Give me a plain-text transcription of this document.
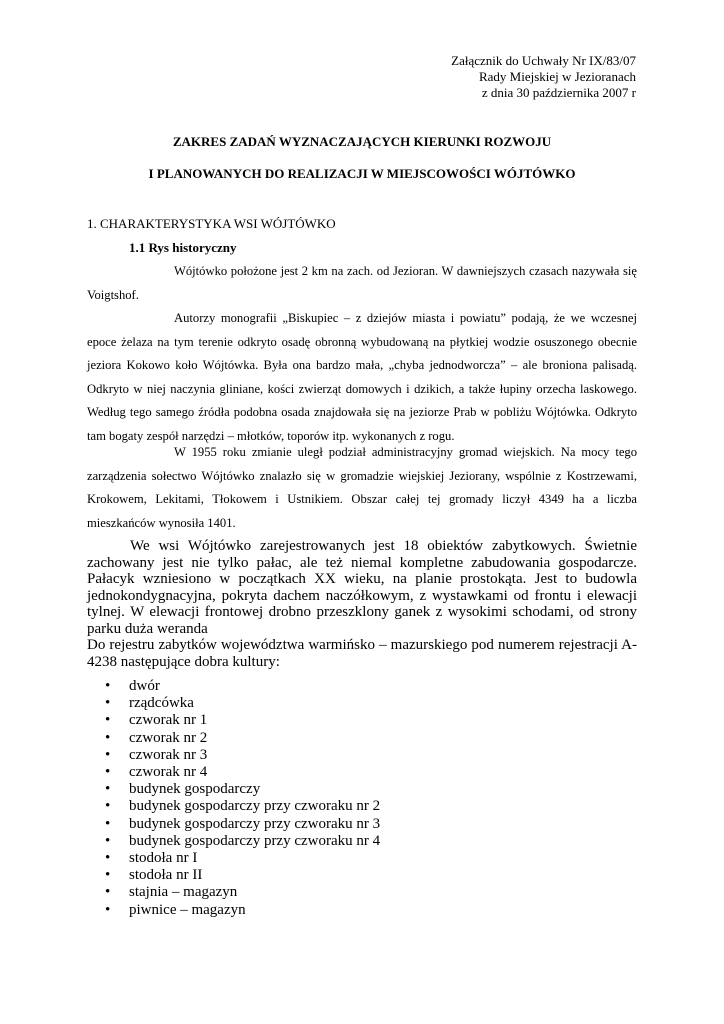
Załącznik do Uchwały Nr IX/83/07
Rady Miejskiej w Jezioranach
z dnia 30 października 2007 r
ZAKRES ZADAŃ WYZNACZAJĄCYCH KIERUNKI ROZWOJU
I PLANOWANYCH DO REALIZACJI W MIEJSCOWOŚCI WÓJTÓWKO
1. CHARAKTERYSTYKA WSI WÓJTÓWKO
1.1 Rys historyczny

Wójtówko położone jest 2 km na zach. od Jezioran. W dawniejszych czasach nazywała się Voigtshof.

Autorzy monografii „Biskupiec – z dziejów miasta i powiatu” podają, że we wczesnej epoce żelaza na tym terenie odkryto osadę obronną wybudowaną na płytkiej wodzie osuszonego obecnie jeziora Kokowo koło Wójtówka. Była ona bardzo mała, „chyba jednodworcza” – ale broniona palisadą. Odkryto w niej naczynia gliniane, kości zwierząt domowych i dzikich, a także łupiny orzecha laskowego. Według tego samego źródła podobna osada znajdowała się na jeziorze Prab w pobliżu Wójtówka. Odkryto tam bogaty zespół narzędzi – młotków, toporów itp. wykonanych z rogu.

W 1955 roku zmianie uległ podział administracyjny gromad wiejskich. Na mocy tego zarządzenia sołectwo Wójtówko znalazło się w gromadzie wiejskiej Jeziorany, wspólnie z Kostrzewami, Krokowem, Lekitami, Tłokowem i Ustnikiem. Obszar całej tej gromady liczył 4349 ha a liczba mieszkańców wynosiła 1401.

We wsi Wójtówko zarejestrowanych jest 18 obiektów zabytkowych. Świetnie zachowany jest nie tylko pałac, ale też niemal kompletne zabudowania gospodarcze. Pałacyk wzniesiono w początkach XX wieku, na planie prostokąta. Jest to budowla jednokondygnacyjna, pokryta dachem naczółkowym, z wystawkami od frontu i elewacji tylnej. W elewacji frontowej drobno przeszklony ganek z wysokimi schodami, od strony parku duża weranda

Do rejestru zabytków województwa warmińsko – mazurskiego pod numerem rejestracji A-4238 następujące dobra kultury:

• dwór
• rządcówka
• czworak nr 1
• czworak nr 2
• czworak nr 3
• czworak nr 4
• budynek gospodarczy
• budynek gospodarczy przy czworaku nr 2
• budynek gospodarczy przy czworaku nr 3
• budynek gospodarczy przy czworaku nr 4
• stodoła nr I
• stodoła nr II
• stajnia – magazyn
• piwnice – magazyn
